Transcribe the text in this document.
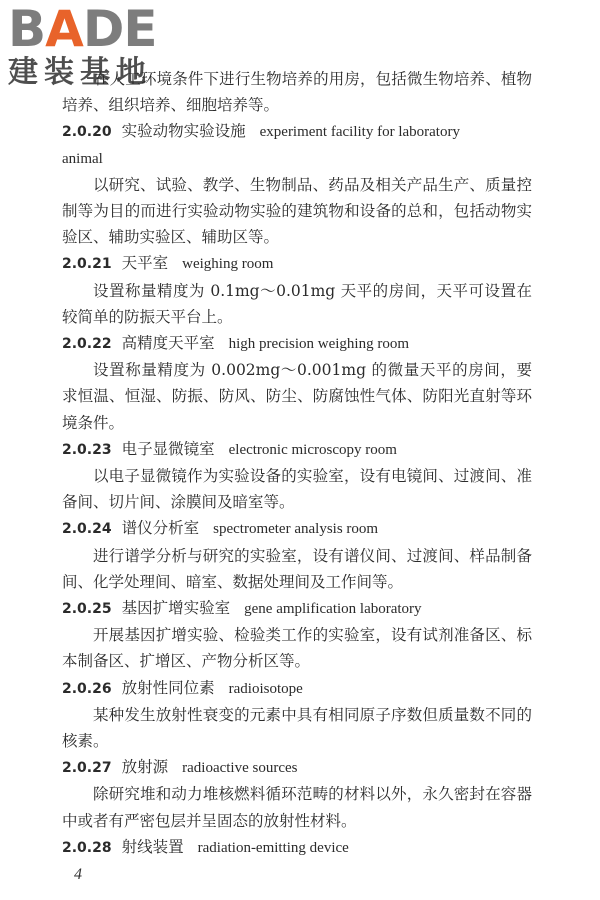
BADE
建装基地

在人工环境条件下进行生物培养的用房，包括微生物培养、植物培养、组织培养、细胞培养等。

2.0.20 实验动物实验设施 experiment facility for laboratory

animal

以研究、试验、教学、生物制品、药品及相关产品生产、质量控制等为目的而进行实验动物实验的建筑物和设备的总和，包括动物实验区、辅助实验区、辅助区等。

2.0.21 天平室 weighing room

设置称量精度为 0.1mg～0.01mg 天平的房间，天平可设置在较简单的防振天平台上。

2.0.22 高精度天平室 high precision weighing room

设置称量精度为 0.002mg～0.001mg 的微量天平的房间，要求恒温、恒湿、防振、防风、防尘、防腐蚀性气体、防阳光直射等环境条件。

2.0.23 电子显微镜室 electronic microscopy room

以电子显微镜作为实验设备的实验室，设有电镜间、过渡间、准备间、切片间、涂膜间及暗室等。

2.0.24 谱仪分析室 spectrometer analysis room

进行谱学分析与研究的实验室，设有谱仪间、过渡间、样品制备间、化学处理间、暗室、数据处理间及工作间等。

2.0.25 基因扩增实验室 gene amplification laboratory

开展基因扩增实验、检验类工作的实验室，设有试剂准备区、标本制备区、扩增区、产物分析区等。

2.0.26 放射性同位素 radioisotope

某种发生放射性衰变的元素中具有相同原子序数但质量数不同的核素。

2.0.27 放射源 radioactive sources

除研究堆和动力堆核燃料循环范畴的材料以外，永久密封在容器中或者有严密包层并呈固态的放射性材料。

2.0.28 射线装置 radiation-emitting device

4
